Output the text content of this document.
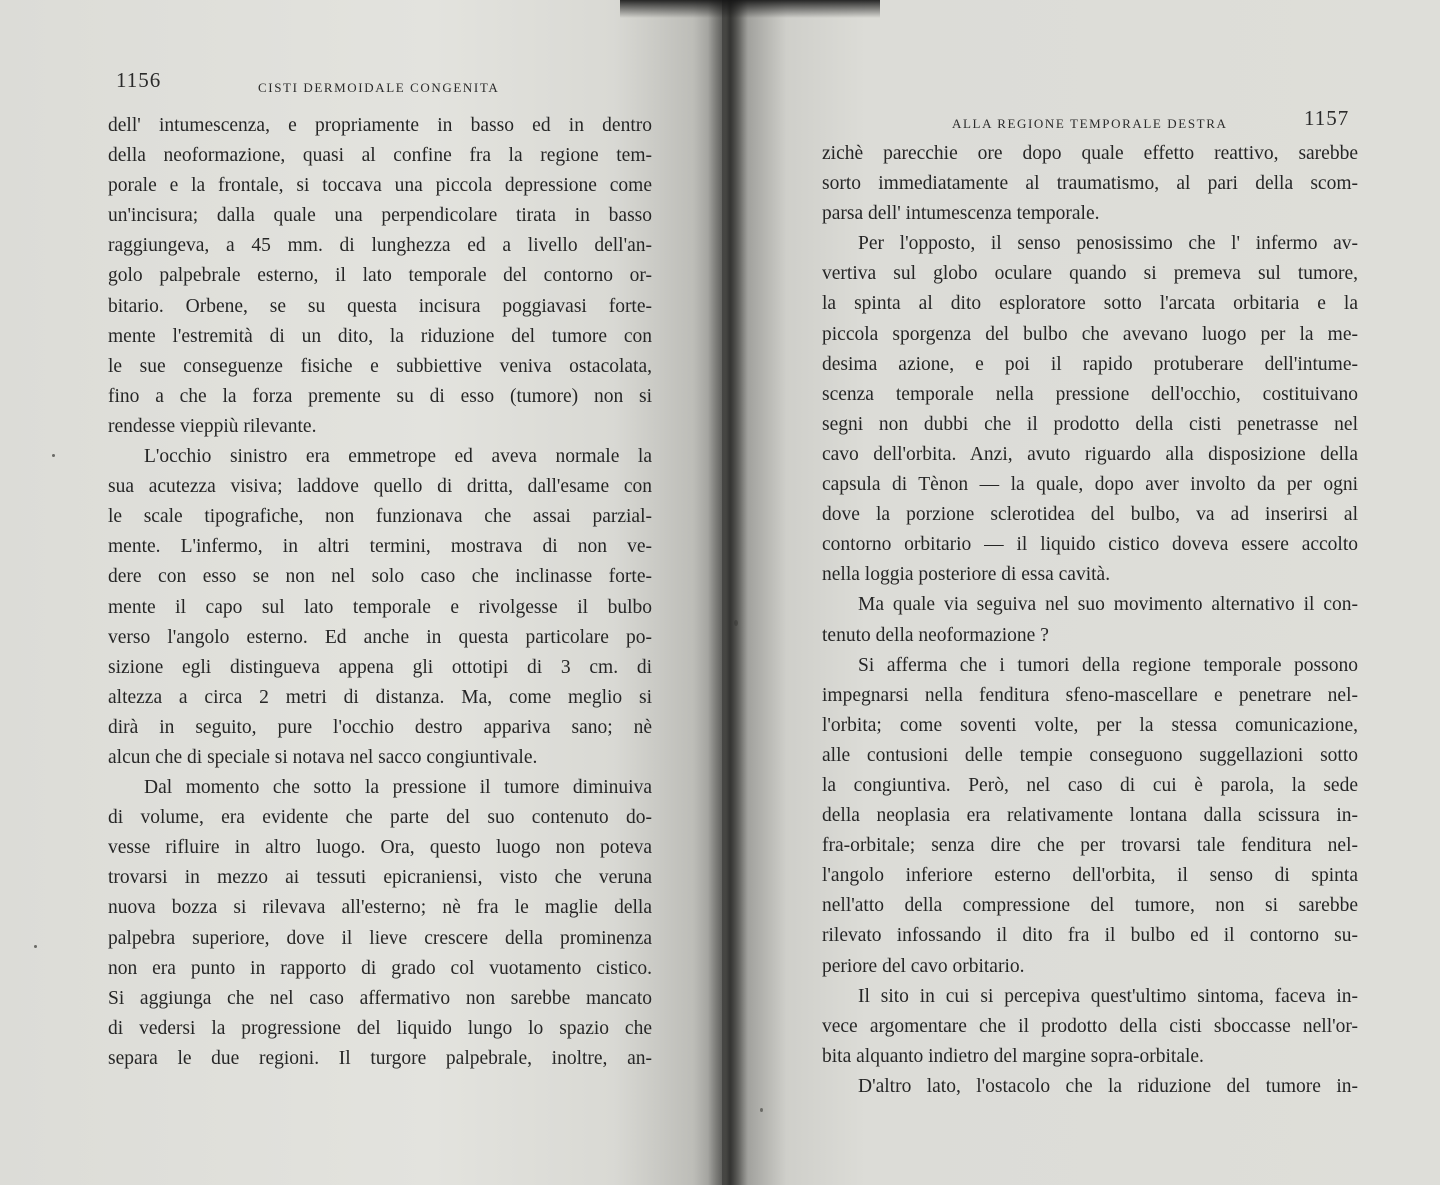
1156	CISTI DERMOIDALE CONGENITA
dell' intumescenza, e propriamente in basso ed in dentro
della neoformazione, quasi al confine fra la regione tem-
porale e la frontale, si toccava una piccola depressione come
un'incisura; dalla quale una perpendicolare tirata in basso
raggiungeva, a 45 mm. di lunghezza ed a livello dell'an-
golo palpebrale esterno, il lato temporale del contorno or-
bitario. Orbene, se su questa incisura poggiavasi forte-
mente l'estremità di un dito, la riduzione del tumore con
le sue conseguenze fisiche e subbiettive veniva ostacolata,
fino a che la forza premente su di esso (tumore) non si
rendesse vieppiù rilevante.
L'occhio sinistro era emmetrope ed aveva normale la
sua acutezza visiva; laddove quello di dritta, dall'esame con
le scale tipografiche, non funzionava che assai parzial-
mente. L'infermo, in altri termini, mostrava di non ve-
dere con esso se non nel solo caso che inclinasse forte-
mente il capo sul lato temporale e rivolgesse il bulbo
verso l'angolo esterno. Ed anche in questa particolare po-
sizione egli distingueva appena gli ottotipi di 3 cm. di
altezza a circa 2 metri di distanza. Ma, come meglio si
dirà in seguito, pure l'occhio destro appariva sano; nè
alcun che di speciale si notava nel sacco congiuntivale.
Dal momento che sotto la pressione il tumore diminuiva
di volume, era evidente che parte del suo contenuto do-
vesse rifluire in altro luogo. Ora, questo luogo non poteva
trovarsi in mezzo ai tessuti epicraniensi, visto che veruna
nuova bozza si rilevava all'esterno; nè fra le maglie della
palpebra superiore, dove il lieve crescere della prominenza
non era punto in rapporto di grado col vuotamento cistico.
Si aggiunga che nel caso affermativo non sarebbe mancato
di vedersi la progressione del liquido lungo lo spazio che
separa le due regioni. Il turgore palpebrale, inoltre, an-
ALLA REGIONE TEMPORALE DESTRA	1157
zichè parecchie ore dopo quale effetto reattivo, sarebbe
sorto immediatamente al traumatismo, al pari della scom-
parsa dell' intumescenza temporale.
Per l'opposto, il senso penosissimo che l' infermo av-
vertiva sul globo oculare quando si premeva sul tumore,
la spinta al dito esploratore sotto l'arcata orbitaria e la
piccola sporgenza del bulbo che avevano luogo per la me-
desima azione, e poi il rapido protuberare dell'intume-
scenza temporale nella pressione dell'occhio, costituivano
segni non dubbi che il prodotto della cisti penetrasse nel
cavo dell'orbita. Anzi, avuto riguardo alla disposizione della
capsula di Tènon — la quale, dopo aver involto da per ogni
dove la porzione sclerotidea del bulbo, va ad inserirsi al
contorno orbitario — il liquido cistico doveva essere accolto
nella loggia posteriore di essa cavità.
Ma quale via seguiva nel suo movimento alternativo il con-
tenuto della neoformazione ?
Si afferma che i tumori della regione temporale possono
impegnarsi nella fenditura sfeno-mascellare e penetrare nel-
l'orbita; come soventi volte, per la stessa comunicazione,
alle contusioni delle tempie conseguono suggellazioni sotto
la congiuntiva. Però, nel caso di cui è parola, la sede
della neoplasia era relativamente lontana dalla scissura in-
fra-orbitale; senza dire che per trovarsi tale fenditura nel-
l'angolo inferiore esterno dell'orbita, il senso di spinta
nell'atto della compressione del tumore, non si sarebbe
rilevato infossando il dito fra il bulbo ed il contorno su-
periore del cavo orbitario.
Il sito in cui si percepiva quest'ultimo sintoma, faceva in-
vece argomentare che il prodotto della cisti sboccasse nell'or-
bita alquanto indietro del margine sopra-orbitale.
D'altro lato, l'ostacolo che la riduzione del tumore in-
